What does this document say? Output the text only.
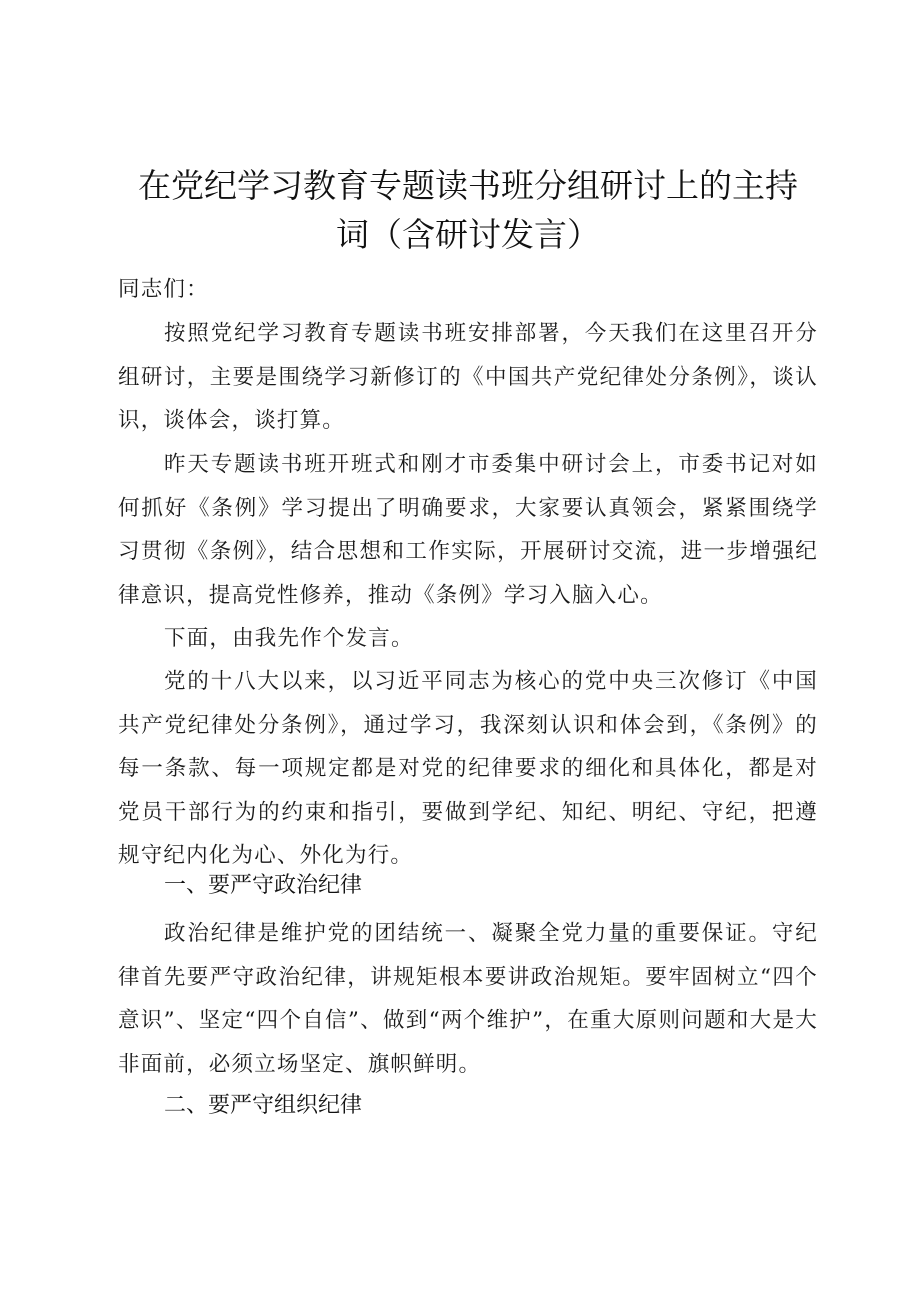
在党纪学习教育专题读书班分组研讨上的主持
词（含研讨发言）

同志们：

按照党纪学习教育专题读书班安排部署，今天我们在这里召开分组研讨，主要是围绕学习新修订的《中国共产党纪律处分条例》，谈认识，谈体会，谈打算。

昨天专题读书班开班式和刚才市委集中研讨会上，市委书记对如何抓好《条例》学习提出了明确要求，大家要认真领会，紧紧围绕学习贯彻《条例》，结合思想和工作实际，开展研讨交流，进一步增强纪律意识，提高党性修养，推动《条例》学习入脑入心。

下面，由我先作个发言。

党的十八大以来，以习近平同志为核心的党中央三次修订《中国共产党纪律处分条例》，通过学习，我深刻认识和体会到，《条例》的每一条款、每一项规定都是对党的纪律要求的细化和具体化，都是对党员干部行为的约束和指引，要做到学纪、知纪、明纪、守纪，把遵规守纪内化为心、外化为行。

一、要严守政治纪律

政治纪律是维护党的团结统一、凝聚全党力量的重要保证。守纪律首先要严守政治纪律，讲规矩根本要讲政治规矩。要牢固树立“四个意识”、坚定“四个自信”、做到“两个维护”，在重大原则问题和大是大非面前，必须立场坚定、旗帜鲜明。

二、要严守组织纪律
